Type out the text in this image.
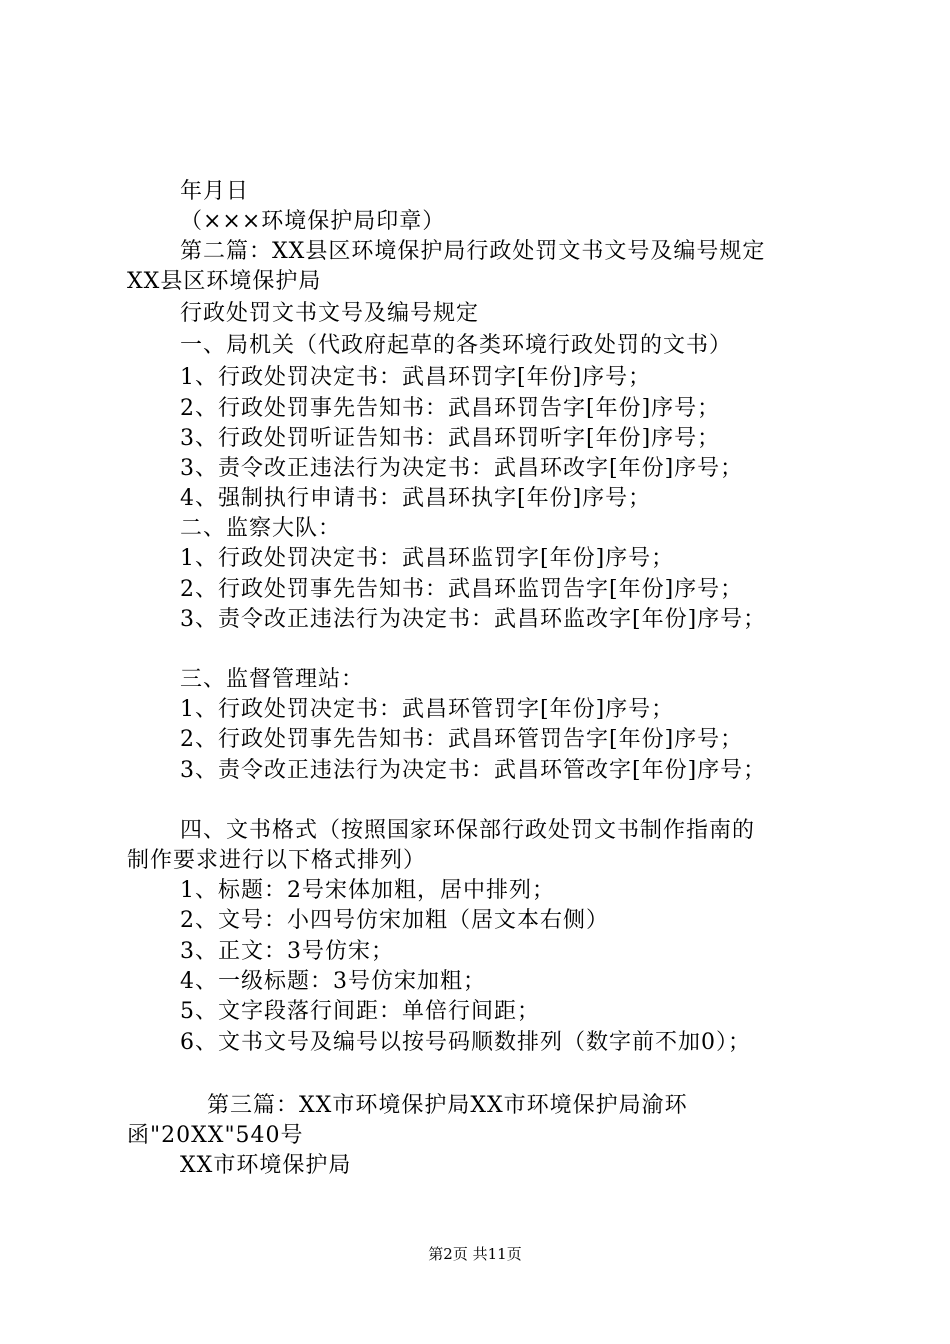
年月日
（×××环境保护局印章）
第二篇：XX县区环境保护局行政处罚文书文号及编号规定
XX县区环境保护局
行政处罚文书文号及编号规定
一、局机关（代政府起草的各类环境行政处罚的文书）
1、行政处罚决定书：武昌环罚字[年份]序号；
2、行政处罚事先告知书：武昌环罚告字[年份]序号；
3、行政处罚听证告知书：武昌环罚听字[年份]序号；
3、责令改正违法行为决定书：武昌环改字[年份]序号；
4、强制执行申请书：武昌环执字[年份]序号；
二、监察大队：
1、行政处罚决定书：武昌环监罚字[年份]序号；
2、行政处罚事先告知书：武昌环监罚告字[年份]序号；
3、责令改正违法行为决定书：武昌环监改字[年份]序号；
三、监督管理站：
1、行政处罚决定书：武昌环管罚字[年份]序号；
2、行政处罚事先告知书：武昌环管罚告字[年份]序号；
3、责令改正违法行为决定书：武昌环管改字[年份]序号；
四、文书格式（按照国家环保部行政处罚文书制作指南的
制作要求进行以下格式排列）
1、标题：2号宋体加粗，居中排列；
2、文号：小四号仿宋加粗（居文本右侧）
3、正文：3号仿宋；
4、一级标题：3号仿宋加粗；
5、文字段落行间距：单倍行间距；
6、文书文号及编号以按号码顺数排列（数字前不加0）；
第三篇：XX市环境保护局XX市环境保护局渝环
函"20XX"540号
XX市环境保护局
第2页 共11页
